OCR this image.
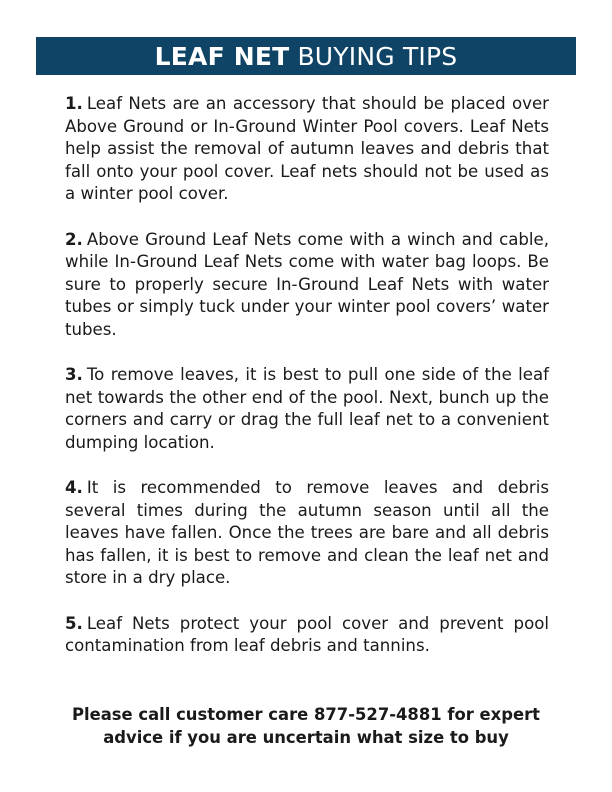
LEAF NET BUYING TIPS
1. Leaf Nets are an accessory that should be placed over Above Ground or In-Ground Winter Pool covers. Leaf Nets help assist the removal of autumn leaves and debris that fall onto your pool cover. Leaf nets should not be used as a winter pool cover.
2. Above Ground Leaf Nets come with a winch and cable, while In-Ground Leaf Nets come with water bag loops. Be sure to properly secure In-Ground Leaf Nets with water tubes or simply tuck under your winter pool covers’ water tubes.
3. To remove leaves, it is best to pull one side of the leaf net towards the other end of the pool. Next, bunch up the corners and carry or drag the full leaf net to a convenient dumping location.
4. It is recommended to remove leaves and debris several times during the autumn season until all the leaves have fallen. Once the trees are bare and all debris has fallen, it is best to remove and clean the leaf net and store in a dry place.
5. Leaf Nets protect your pool cover and prevent pool contamination from leaf debris and tannins.
Please call customer care 877-527-4881 for expert
advice if you are uncertain what size to buy
